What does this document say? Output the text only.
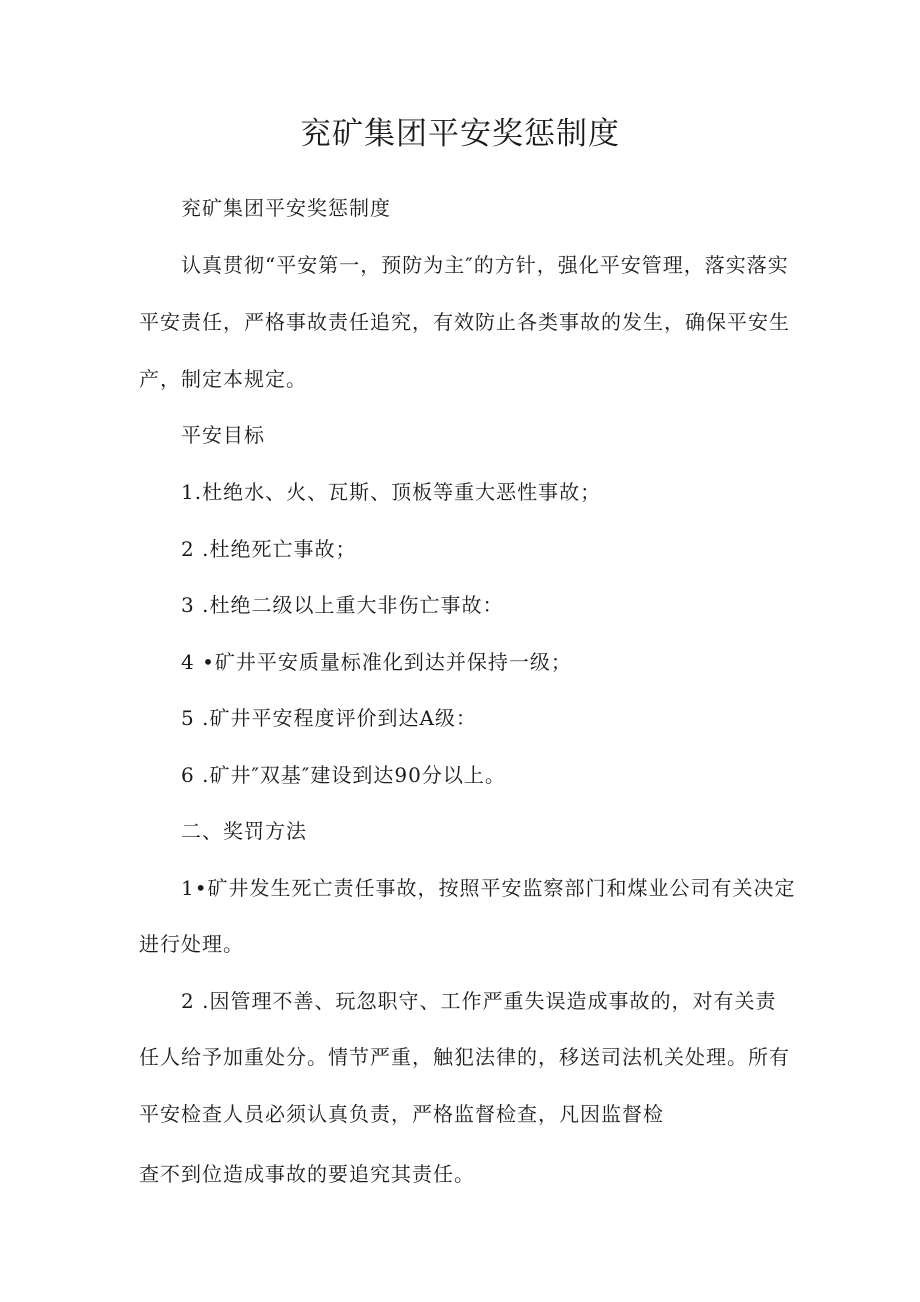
兖矿集团平安奖惩制度
兖矿集团平安奖惩制度
认真贯彻“平安第一，预防为主″的方针，强化平安管理，落实落实
平安责任，严格事故责任追究，有效防止各类事故的发生，确保平安生
产，制定本规定。
平安目标
1.杜绝水、火、瓦斯、顶板等重大恶性事故；
2 .杜绝死亡事故；
3 .杜绝二级以上重大非伤亡事故：
4 •矿井平安质量标准化到达并保持一级；
5 .矿井平安程度评价到达A级：
6 .矿井″双基″建设到达90分以上。
二、奖罚方法
1•矿井发生死亡责任事故，按照平安监察部门和煤业公司有关决定
进行处理。
2 .因管理不善、玩忽职守、工作严重失误造成事故的，对有关责
任人给予加重处分。情节严重，触犯法律的，移送司法机关处理。所有
平安检查人员必须认真负责，严格监督检查，凡因监督检
查不到位造成事故的要追究其责任。
